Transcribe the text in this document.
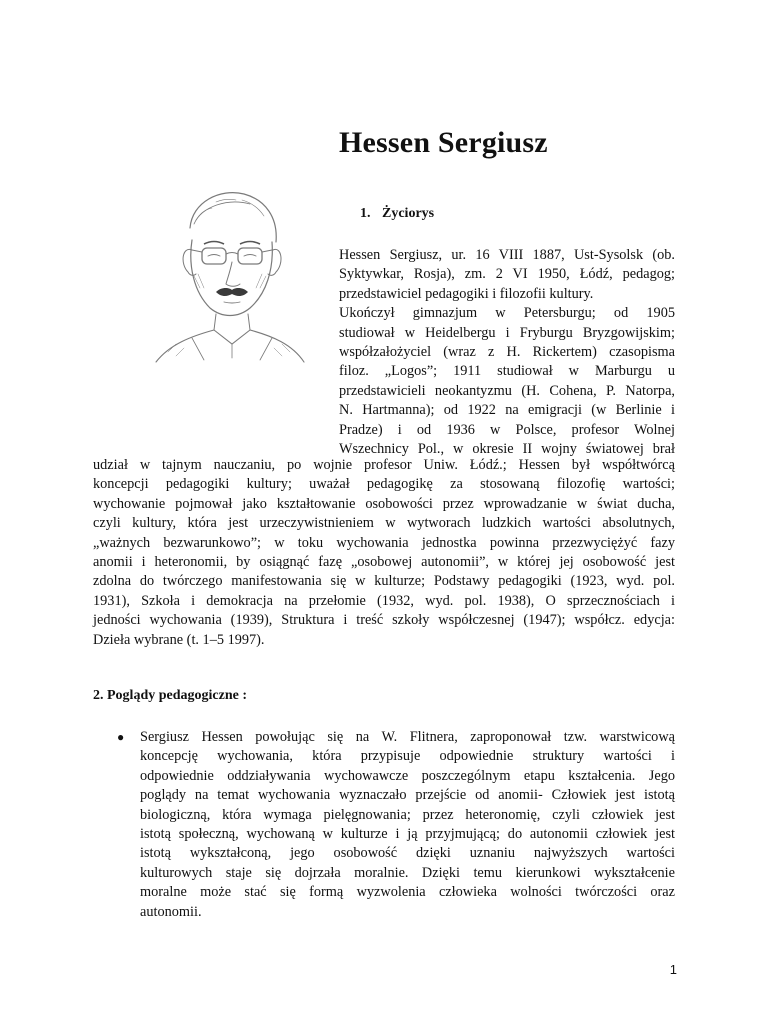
Hessen Sergiusz
1. Życiorys
Hessen Sergiusz, ur. 16 VIII 1887, Ust-Sysolsk (ob.
Syktywkar, Rosja), zm. 2 VI 1950, Łódź, pedagog;
przedstawiciel pedagogiki i filozofii kultury.
Ukończył gimnazjum w Petersburgu; od 1905
studiował w Heidelbergu i Fryburgu Bryzgowijskim;
współzałożyciel (wraz z H. Rickertem) czasopisma
filoz. „Logos”; 1911 studiował w Marburgu u
przedstawicieli neokantyzmu (H. Cohena, P. Natorpa,
N. Hartmanna); od 1922 na emigracji (w Berlinie i
Pradze) i od 1936 w Polsce, profesor Wolnej
Wszechnicy Pol., w okresie II wojny światowej brał
udział w tajnym nauczaniu, po wojnie profesor Uniw. Łódź.; Hessen był współtwórcą
koncepcji pedagogiki kultury; uważał pedagogikę za stosowaną filozofię wartości;
wychowanie pojmował jako kształtowanie osobowości przez wprowadzanie w świat ducha,
czyli kultury, która jest urzeczywistnieniem w wytworach ludzkich wartości absolutnych,
„ważnych bezwarunkowo”; w toku wychowania jednostka powinna przezwyciężyć fazy
anomii i heteronomii, by osiągnąć fazę „osobowej autonomii”, w której jej osobowość jest
zdolna do twórczego manifestowania się w kulturze; Podstawy pedagogiki (1923, wyd. pol.
1931), Szkoła i demokracja na przełomie (1932, wyd. pol. 1938), O sprzecznościach i
jedności wychowania (1939), Struktura i treść szkoły współczesnej (1947); współcz. edycja:
Dzieła wybrane (t. 1–5 1997).
2. Poglądy pedagogiczne :
● Sergiusz Hessen powołując się na W. Flitnera, zaproponował tzw. warstwicową
koncepcję wychowania, która przypisuje odpowiednie struktury wartości i
odpowiednie oddziaływania wychowawcze poszczególnym etapu kształcenia. Jego
poglądy na temat wychowania wyznaczało przejście od anomii- Człowiek jest istotą
biologiczną, która wymaga pielęgnowania; przez heteronomię, czyli człowiek jest
istotą społeczną, wychowaną w kulturze i ją przyjmującą; do autonomii człowiek jest
istotą wykształconą, jego osobowość dzięki uznaniu najwyższych wartości
kulturowych staje się dojrzała moralnie. Dzięki temu kierunkowi wykształcenie
moralne może stać się formą wyzwolenia człowieka wolności twórczości oraz
autonomii.
1
